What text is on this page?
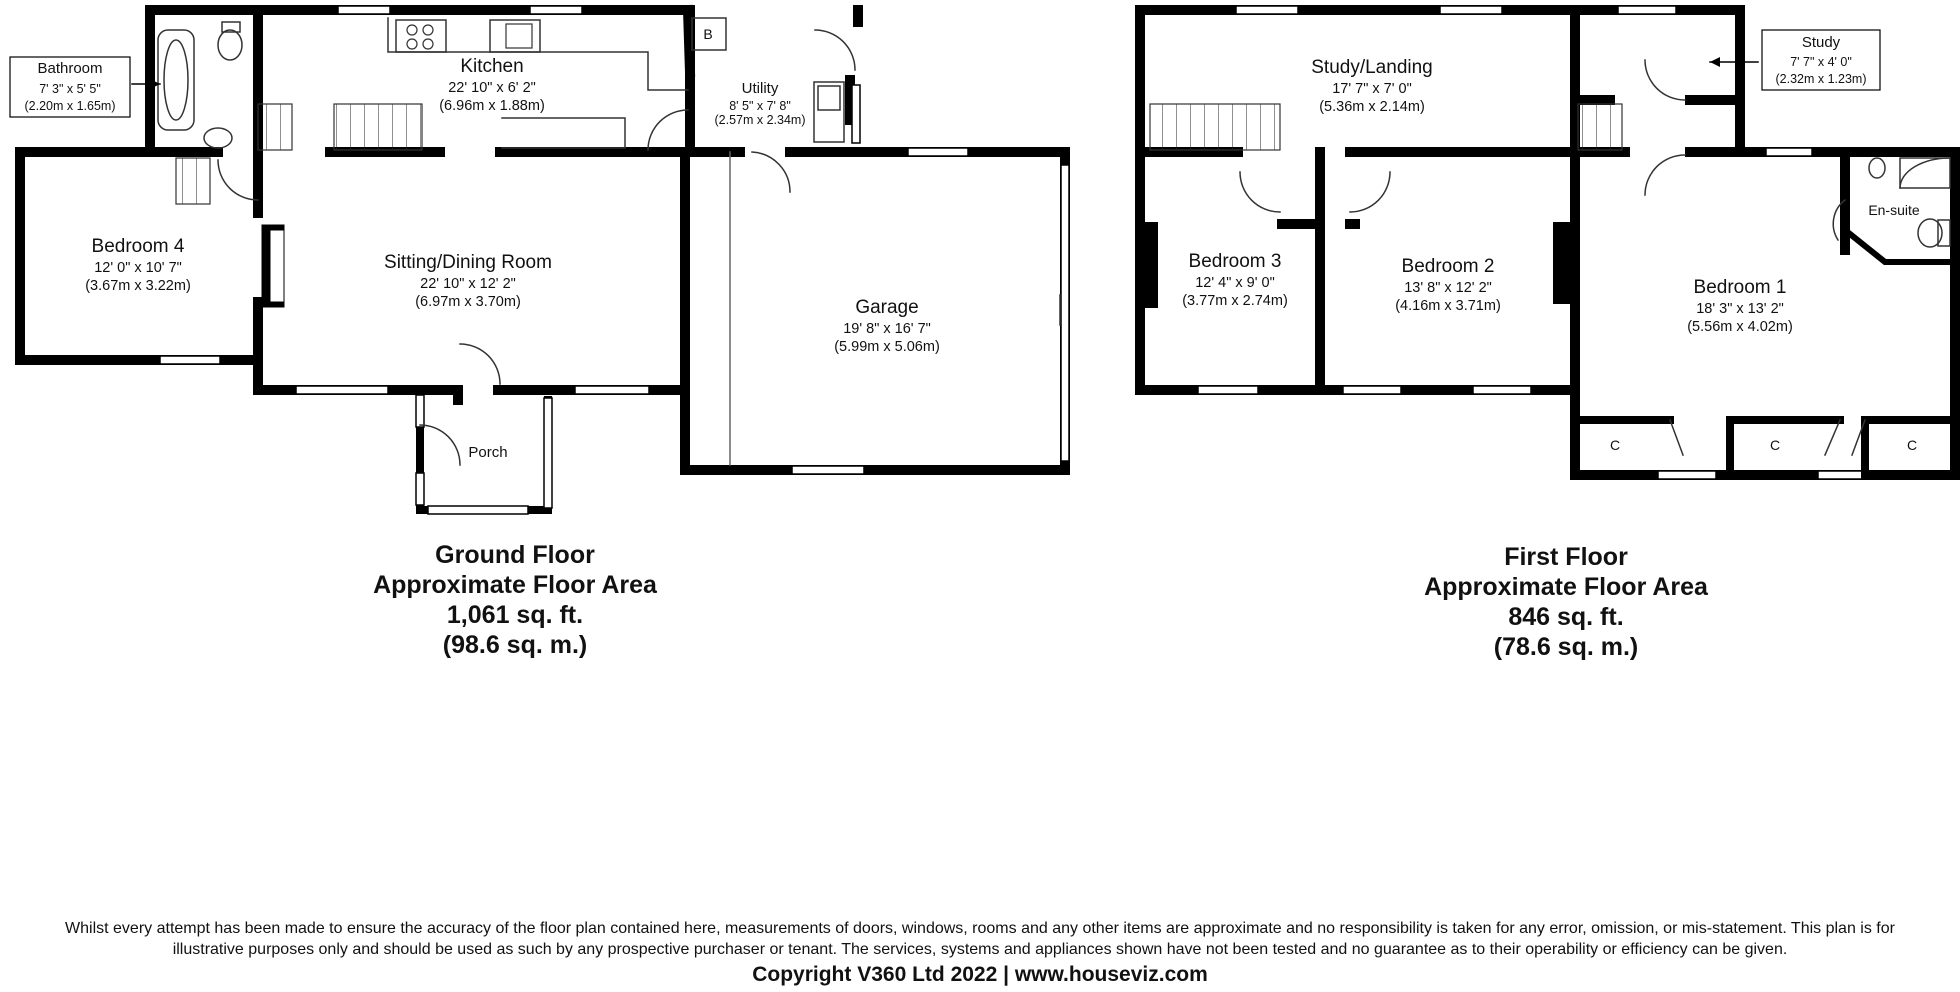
Bathroom
7' 3" x 5' 5"
(2.20m x 1.65m)
Kitchen
22' 10" x 6' 2"
(6.96m x 1.88m)
B
Utility
8' 5" x 7' 8"
(2.57m x 2.34m)
Bedroom 4
12' 0" x 10' 7"
(3.67m x 3.22m)
Sitting/Dining Room
22' 10" x 12' 2"
(6.97m x 3.70m)	Garage
19' 8" x 16' 7"
(5.99m x 5.06m)
Porch
Study/Landing
17' 7" x 7' 0"
(5.36m x 2.14m)
Study
7' 7" x 4' 0"
(2.32m x 1.23m)
Bedroom 3
12' 4" x 9' 0"
(3.77m x 2.74m)
Bedroom 2
13' 8" x 12' 2"
(4.16m x 3.71m)
Bedroom 1
18' 3" x 13' 2"
(5.56m x 4.02m)
En-suite
C	C	C
Ground Floor
Approximate Floor Area
1,061 sq. ft.
(98.6 sq. m.)
First Floor
Approximate Floor Area
846 sq. ft.
(78.6 sq. m.)
Whilst every attempt has been made to ensure the accuracy of the floor plan contained here, measurements of doors, windows, rooms and any other items are approximate and no responsibility is taken for any error, omission, or mis-statement. This plan is for
illustrative purposes only and should be used as such by any prospective purchaser or tenant. The services, systems and appliances shown have not been tested and no guarantee as to their operability or efficiency can be given.
Copyright V360 Ltd 2022 | www.houseviz.com
